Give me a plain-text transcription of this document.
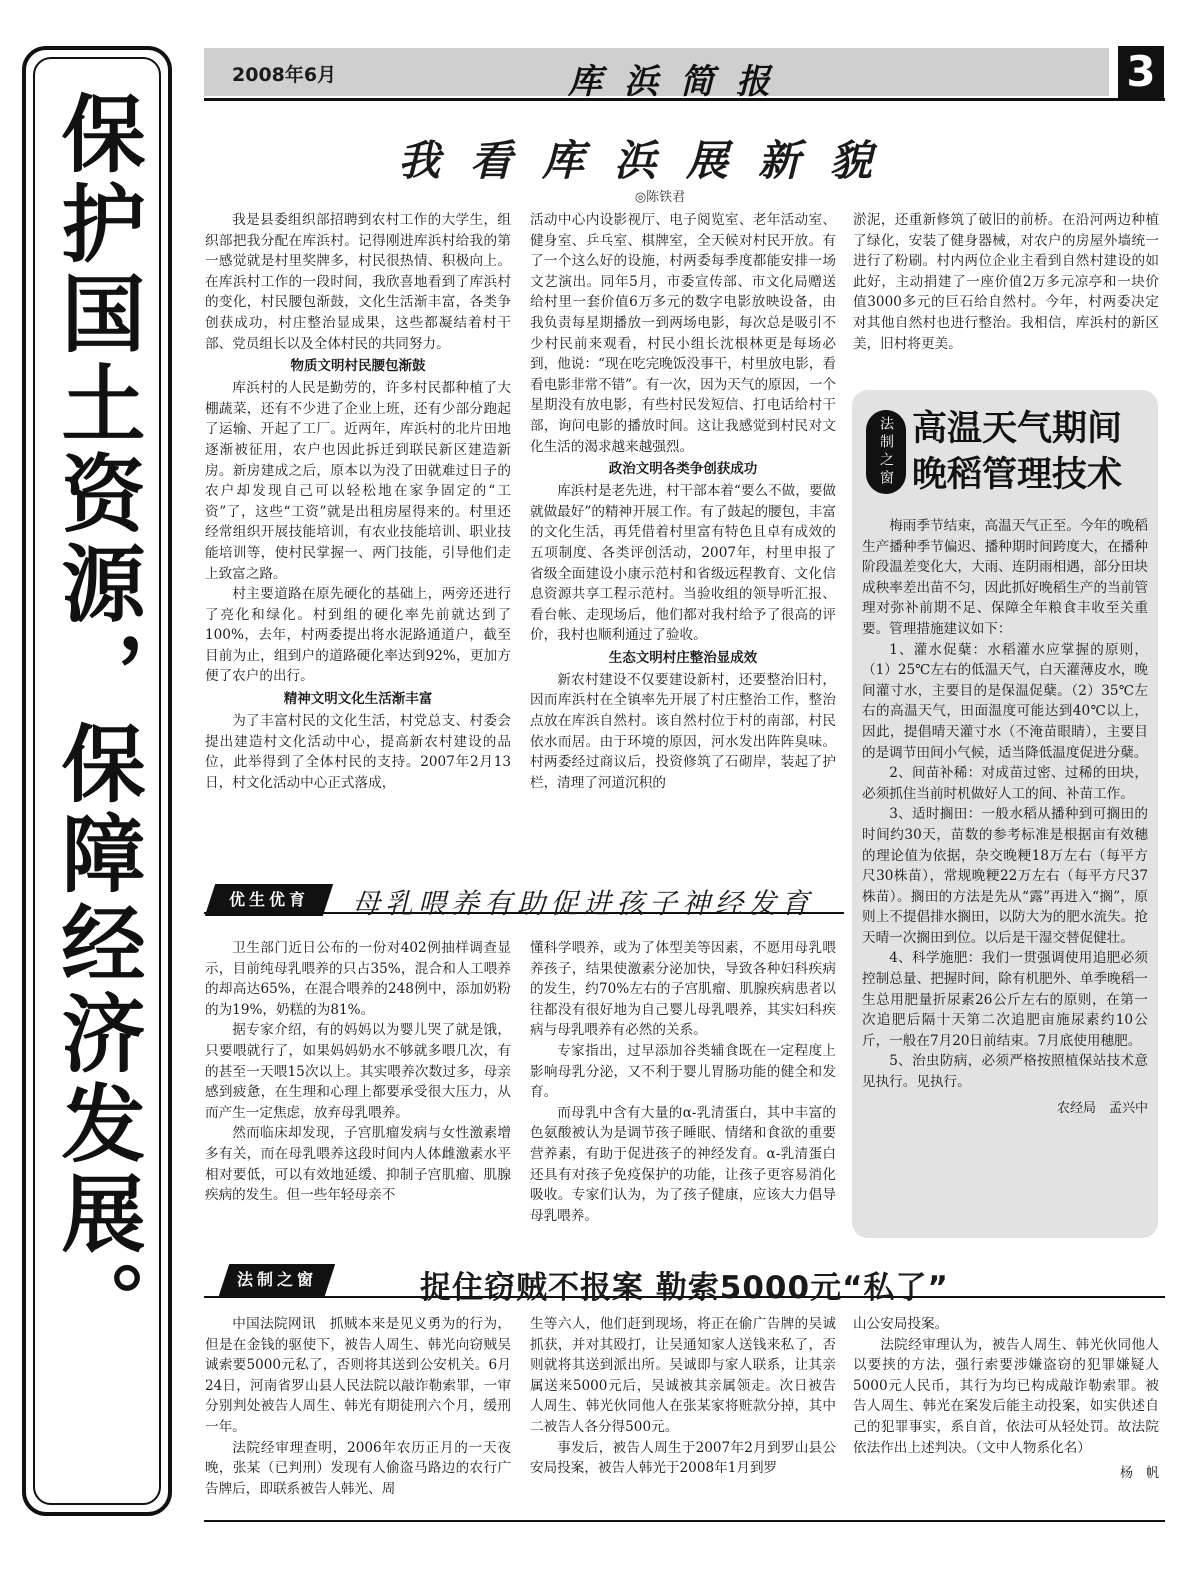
保护国土资源，保障经济发展。
2008年6月	库浜简报	3
我看库浜展新貌
◎陈铁君

我是县委组织部招聘到农村工作的大学生，组织部把我分配在库浜村。记得刚进库浜村给我的第一感觉就是村里奖牌多，村民很热情、积极向上。在库浜村工作的一段时间，我欣喜地看到了库浜村的变化，村民腰包渐鼓，文化生活渐丰富，各类争创获成功，村庄整治显成果，这些都凝结着村干部、党员组长以及全体村民的共同努力。

物质文明村民腰包渐鼓

库浜村的人民是勤劳的，许多村民都种植了大棚蔬菜，还有不少进了企业上班，还有少部分跑起了运输、开起了工厂。近两年，库浜村的北片田地逐渐被征用，农户也因此拆迁到联民新区建造新房。新房建成之后，原本以为没了田就难过日子的农户却发现自己可以轻松地在家争固定的“工资”了，这些“工资”就是出租房屋得来的。村里还经常组织开展技能培训，有农业技能培训、职业技能培训等，使村民掌握一、两门技能，引导他们走上致富之路。

村主要道路在原先硬化的基础上，两旁还进行了亮化和绿化。村到组的硬化率先前就达到了100%，去年，村两委提出将水泥路通道户，截至目前为止，组到户的道路硬化率达到92%，更加方便了农户的出行。

精神文明文化生活渐丰富

为了丰富村民的文化生活，村党总支、村委会提出建造村文化活动中心，提高新农村建设的品位，此举得到了全体村民的支持。2007年2月13日，村文化活动中心正式落成，

活动中心内设影视厅、电子阅览室、老年活动室、健身室、乒乓室、棋牌室，全天候对村民开放。有了一个这么好的设施，村两委每季度都能安排一场文艺演出。同年5月，市委宣传部、市文化局赠送给村里一套价值6万多元的数字电影放映设备，由我负责每星期播放一到两场电影，每次总是吸引不少村民前来观看，村民小组长沈根林更是每场必到，他说：“现在吃完晚饭没事干，村里放电影，看看电影非常不错”。有一次，因为天气的原因，一个星期没有放电影，有些村民发短信、打电话给村干部，询问电影的播放时间。这让我感觉到村民对文化生活的渴求越来越强烈。

政治文明各类争创获成功

库浜村是老先进，村干部本着“要么不做，要做就做最好”的精神开展工作。有了鼓起的腰包，丰富的文化生活，再凭借着村里富有特色且卓有成效的五项制度、各类评创活动，2007年，村里申报了省级全面建设小康示范村和省级远程教育、文化信息资源共享工程示范村。当验收组的领导听汇报、看台帐、走现场后，他们都对我村给予了很高的评价，我村也顺利通过了验收。

生态文明村庄整治显成效

新农村建设不仅要建设新村，还要整治旧村，因而库浜村在全镇率先开展了村庄整治工作，整治点放在库浜自然村。该自然村位于村的南部，村民依水而居。由于环境的原因，河水发出阵阵臭味。村两委经过商议后，投资修筑了石砌岸，装起了护栏，清理了河道沉积的

淤泥，还重新修筑了破旧的前桥。在沿河两边种植了绿化，安装了健身器械，对农户的房屋外墙统一进行了粉刷。村内两位企业主看到自然村建设的如此好，主动捐建了一座价值2万多元凉亭和一块价值3000多元的巨石给自然村。今年，村两委决定对其他自然村也进行整治。我相信，库浜村的新区美，旧村将更美。

法制之窗 高温天气期间晚稻管理技术

梅雨季节结束，高温天气正至。今年的晚稻生产播种季节偏迟、播种期时间跨度大，在播种阶段温差变化大，大雨、连阴雨相遇，部分田块成秧率差出苗不匀，因此抓好晚稻生产的当前管理对弥补前期不足、保障全年粮食丰收至关重要。管理措施建议如下：

1、灌水促蘖：水稻灌水应掌握的原则，（1）25℃左右的低温天气，白天灌薄皮水，晚间灌寸水，主要目的是保温促蘖。（2）35℃左右的高温天气，田面温度可能达到40℃以上，因此，提倡晴天灌寸水（不淹苗眼睛），主要目的是调节田间小气候，适当降低温度促进分蘖。

2、间苗补稀：对成苗过密、过稀的田块，必须抓住当前时机做好人工的间、补苗工作。

3、适时搁田：一般水稻从播种到可搁田的时间约30天，苗数的参考标准是根据亩有效穗的理论值为依据，杂交晚粳18万左右（每平方尺30株苗），常规晚粳22万左右（每平方尺37株苗）。搁田的方法是先从“露”再进入“搁”，原则上不提倡排水搁田，以防大为的肥水流失。抢天晴一次搁田到位。以后是干湿交替促健壮。

4、科学施肥：我们一贯强调使用追肥必须控制总量、把握时间，除有机肥外、单季晚稻一生总用肥量折尿素26公斤左右的原则，在第一次追肥后隔十天第二次追肥亩施尿素约10公斤，一般在7月20日前结束。7月底使用穗肥。

5、治虫防病，必须严格按照植保站技术意见执行。见执行。

农经局　孟兴中
优生优育	母乳喂养有助促进孩子神经发育

卫生部门近日公布的一份对402例抽样调查显示，目前纯母乳喂养的只占35%，混合和人工喂养的却高达65%，在混合喂养的248例中，添加奶粉的为19%，奶糕的为81%。

据专家介绍，有的妈妈以为婴儿哭了就是饿，只要喂就行了，如果妈妈奶水不够就多喂几次，有的甚至一天喂15次以上。其实喂养次数过多，母亲感到疲惫，在生理和心理上都要承受很大压力，从而产生一定焦虑，放弃母乳喂养。

然而临床却发现，子宫肌瘤发病与女性激素增多有关，而在母乳喂养这段时间内人体雌激素水平相对要低，可以有效地延缓、抑制子宫肌瘤、肌腺疾病的发生。但一些年轻母亲不

懂科学喂养，或为了体型美等因素，不愿用母乳喂养孩子，结果使激素分泌加快，导致各种妇科疾病的发生，约70%左右的子宫肌瘤、肌腺疾病患者以往都没有很好地为自己婴儿母乳喂养，其实妇科疾病与母乳喂养有必然的关系。

专家指出，过早添加谷类辅食既在一定程度上影响母乳分泌，又不利于婴儿胃肠功能的健全和发育。

而母乳中含有大量的α-乳清蛋白，其中丰富的色氨酸被认为是调节孩子睡眠、情绪和食欲的重要营养素，有助于促进孩子的神经发育。α-乳清蛋白还具有对孩子免疫保护的功能，让孩子更容易消化吸收。专家们认为，为了孩子健康，应该大力倡导母乳喂养。

法制之窗	捉住窃贼不报案 勒索5000元“私了”

中国法院网讯　抓贼本来是见义勇为的行为，但是在金钱的驱使下，被告人周生、韩光向窃贼吴诚索要5000元私了，否则将其送到公安机关。6月24日，河南省罗山县人民法院以敲诈勒索罪，一审分别判处被告人周生、韩光有期徒刑六个月，缓刑一年。

法院经审理查明，2006年农历正月的一天夜晚，张某（已判刑）发现有人偷盗马路边的农行广告牌后，即联系被告人韩光、周

生等六人，他们赶到现场，将正在偷广告牌的吴诚抓获，并对其殴打，让吴通知家人送钱来私了，否则就将其送到派出所。吴诚即与家人联系，让其亲属送来5000元后，吴诚被其亲属领走。次日被告人周生、韩光伙同他人在张某家将赃款分掉，其中二被告人各分得500元。

事发后，被告人周生于2007年2月到罗山县公安局投案，被告人韩光于2008年1月到罗

山公安局投案。

法院经审理认为，被告人周生、韩光伙同他人以要挟的方法，强行索要涉嫌盗窃的犯罪嫌疑人5000元人民币，其行为均已构成敲诈勒索罪。被告人周生、韩光在案发后能主动投案，如实供述自己的犯罪事实，系自首，依法可从轻处罚。故法院依法作出上述判决。（文中人物系化名）

杨　帆
